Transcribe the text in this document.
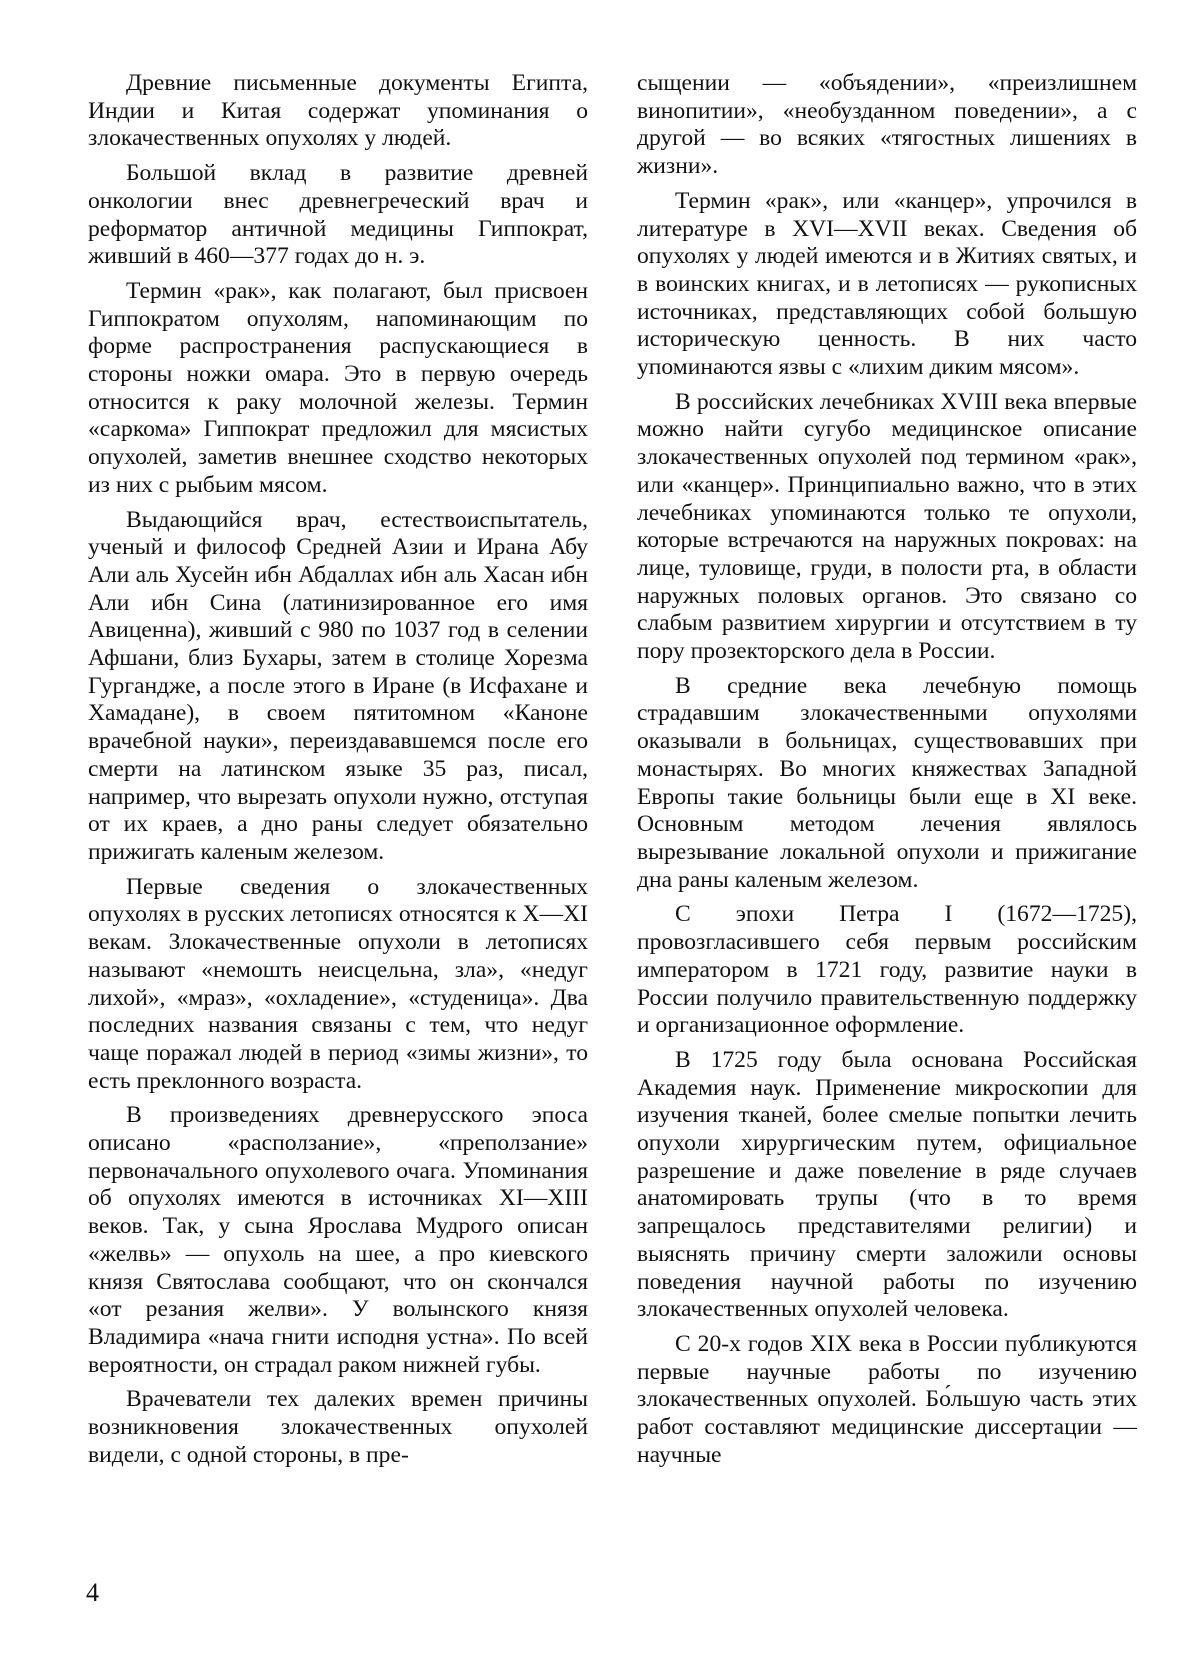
Древние письменные документы Египта, Индии и Китая содержат упоминания о злокачественных опухолях у людей.

Большой вклад в развитие древней онкологии внес древнегреческий врач и реформатор античной медицины Гиппократ, живший в 460—377 годах до н. э.

Термин «рак», как полагают, был присвоен Гиппократом опухолям, напоминающим по форме распространения распускающиеся в стороны ножки омара. Это в первую очередь относится к раку молочной железы. Термин «саркома» Гиппократ предложил для мясистых опухолей, заметив внешнее сходство некоторых из них с рыбьим мясом.

Выдающийся врач, естествоиспытатель, ученый и философ Средней Азии и Ирана Абу Али аль Хусейн ибн Абдаллах ибн аль Хасан ибн Али ибн Сина (латинизированное его имя Авиценна), живший с 980 по 1037 год в селении Афшани, близ Бухары, затем в столице Хорезма Гургандже, а после этого в Иране (в Исфахане и Хамадане), в своем пятитомном «Каноне врачебной науки», переиздававшемся после его смерти на латинском языке 35 раз, писал, например, что вырезать опухоли нужно, отступая от их краев, а дно раны следует обязательно прижигать каленым железом.

Первые сведения о злокачественных опухолях в русских летописях относятся к X—XI векам. Злокачественные опухоли в летописях называют «немошть неисцельна, зла», «недуг лихой», «мраз», «охладение», «студеница». Два последних названия связаны с тем, что недуг чаще поражал людей в период «зимы жизни», то есть преклонного возраста.

В произведениях древнерусского эпоса описано «расползание», «преползание» первоначального опухолевого очага. Упоминания об опухолях имеются в источниках XI—XIII веков. Так, у сына Ярослава Мудрого описан «желвь» — опухоль на шее, а про киевского князя Святослава сообщают, что он скончался «от резания желви». У волынского князя Владимира «нача гнити исподня устна». По всей вероятности, он страдал раком нижней губы.

Врачеватели тех далеких времен причины возникновения злокачественных опухолей видели, с одной стороны, в пре-

сыщении — «объядении», «преизлишнем винопитии», «необузданном поведении», а с другой — во всяких «тягостных лишениях в жизни».

Термин «рак», или «канцер», упрочился в литературе в XVI—XVII веках. Сведения об опухолях у людей имеются и в Житиях святых, и в воинских книгах, и в летописях — рукописных источниках, представляющих собой большую историческую ценность. В них часто упоминаются язвы с «лихим диким мясом».

В российских лечебниках XVIII века впервые можно найти сугубо медицинское описание злокачественных опухолей под термином «рак», или «канцер». Принципиально важно, что в этих лечебниках упоминаются только те опухоли, которые встречаются на наружных покровах: на лице, туловище, груди, в полости рта, в области наружных половых органов. Это связано со слабым развитием хирургии и отсутствием в ту пору прозекторского дела в России.

В средние века лечебную помощь страдавшим злокачественными опухолями оказывали в больницах, существовавших при монастырях. Во многих княжествах Западной Европы такие больницы были еще в XI веке. Основным методом лечения являлось вырезывание локальной опухоли и прижигание дна раны каленым железом.

С эпохи Петра I (1672—1725), провозгласившего себя первым российским императором в 1721 году, развитие науки в России получило правительственную поддержку и организационное оформление.

В 1725 году была основана Российская Академия наук. Применение микроскопии для изучения тканей, более смелые попытки лечить опухоли хирургическим путем, официальное разрешение и даже повеление в ряде случаев анатомировать трупы (что в то время запрещалось представителями религии) и выяснять причину смерти заложили основы поведения научной работы по изучению злокачественных опухолей человека.

С 20-х годов XIX века в России публикуются первые научные работы по изучению злокачественных опухолей. Бо́льшую часть этих работ составляют медицинские диссертации — научные

4
